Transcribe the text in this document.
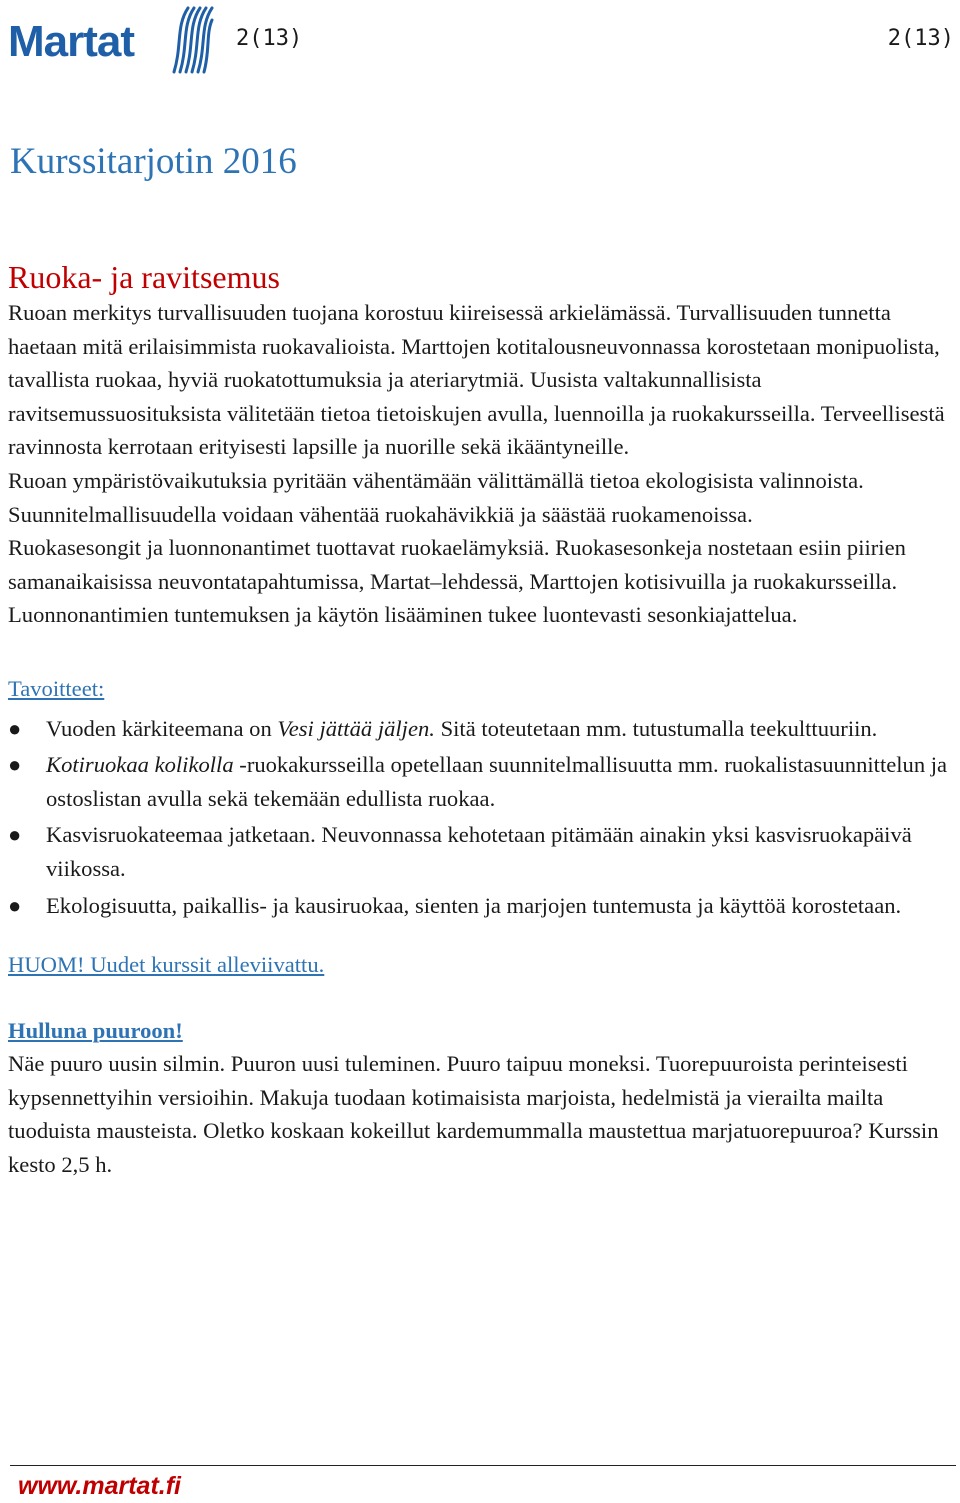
Martat	2(13)	2(13)
Kurssitarjotin 2016
Ruoka- ja ravitsemus

Ruoan merkitys turvallisuuden tuojana korostuu kiireisessä arkielämässä. Turvallisuuden tunnetta haetaan mitä erilaisimmista ruokavalioista. Marttojen kotitalousneuvonnassa korostetaan monipuolista, tavallista ruokaa, hyviä ruokatottumuksia ja ateriarytmiä. Uusista valtakunnallisista ravitsemussuosituksista välitetään tietoa tietoiskujen avulla, luennoilla ja ruokakursseilla. Terveellisestä ravinnosta kerrotaan erityisesti lapsille ja nuorille sekä ikääntyneille.

Ruoan ympäristövaikutuksia pyritään vähentämään välittämällä tietoa ekologisista valinnoista. Suunnitelmallisuudella voidaan vähentää ruokahävikkiä ja säästää ruokamenoissa.

Ruokasesongit ja luonnonantimet tuottavat ruokaelämyksiä. Ruokasesonkeja nostetaan esiin piirien samanaikaisissa neuvontatapahtumissa, Martat–lehdessä, Marttojen kotisivuilla ja ruokakursseilla. Luonnonantimien tuntemuksen ja käytön lisääminen tukee luontevasti sesonkiajattelua.

Tavoitteet:

● Vuoden kärkiteemana on Vesi jättää jäljen. Sitä toteutetaan mm. tutustumalla teekulttuuriin.
● Kotiruokaa kolikolla -ruokakursseilla opetellaan suunnitelmallisuutta mm. ruokalistasuunnittelun ja ostoslistan avulla sekä tekemään edullista ruokaa.
● Kasvisruokateemaa jatketaan. Neuvonnassa kehotetaan pitämään ainakin yksi kasvisruokapäivä viikossa.
● Ekologisuutta, paikallis- ja kausiruokaa, sienten ja marjojen tuntemusta ja käyttöä korostetaan.

HUOM! Uudet kurssit alleviivattu.

Hulluna puuroon!

Näe puuro uusin silmin. Puuron uusi tuleminen. Puuro taipuu moneksi. Tuorepuuroista perinteisesti kypsennettyihin versioihin. Makuja tuodaan kotimaisista marjoista, hedelmistä ja vierailta mailta tuoduista mausteista. Oletko koskaan kokeillut kardemummalla maustettua marjatuorepuuroa? Kurssin kesto 2,5 h.

www.martat.fi
